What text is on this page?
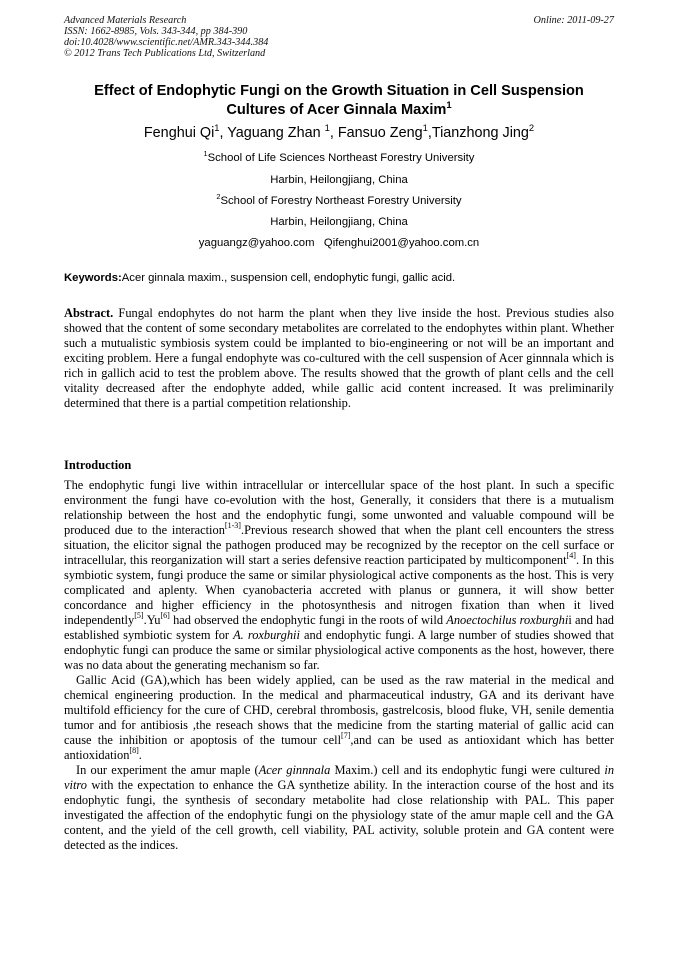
Advanced Materials Research
ISSN: 1662-8985, Vols. 343-344, pp 384-390
doi:10.4028/www.scientific.net/AMR.343-344.384
© 2012 Trans Tech Publications Ltd, Switzerland
Online: 2011-09-27
Effect of Endophytic Fungi on the Growth Situation in Cell Suspension
Cultures of Acer Ginnala Maxim$^1$
Fenghui Qi$^1$, Yaguang Zhan $^1$, Fansuo Zeng$^1$,Tianzhong Jing$^2$
$^1$School of Life Sciences Northeast Forestry University
Harbin, Heilongjiang, China
$^2$School of Forestry Northeast Forestry University
Harbin, Heilongjiang, China
yaguangz@yahoo.com   Qifenghui2001@yahoo.com.cn
Keywords:Acer ginnala maxim., suspension cell, endophytic fungi, gallic acid.

Abstract. Fungal endophytes do not harm the plant when they live inside the host. Previous studies also showed that the content of some secondary metabolites are correlated to the endophytes within plant. Whether such a mutualistic symbiosis system could be implanted to bio-engineering or not will be an important and exciting problem. Here a fungal endophyte was co-cultured with the cell suspension of Acer ginnnala which is rich in gallich acid to test the problem above. The results showed that the growth of plant cells and the cell vitality decreased after the endophyte added, while gallic acid content increased. It was preliminarily determined that there is a partial competition relationship.

Introduction

The endophytic fungi live within intracellular or intercellular space of the host plant. In such a specific environment the fungi have co-evolution with the host, Generally, it considers that there is a mutualism relationship between the host and the endophytic fungi, some unwonted and valuable compound will be produced due to the interaction[1-3].Previous research showed that when the plant cell encounters the stress situation, the elicitor signal the pathogen produced may be recognized by the receptor on the cell surface or intracellular, this reorganization will start a series defensive reaction participated by multicomponent[4]. In this symbiotic system, fungi produce the same or similar physiological active components as the host. This is very complicated and aplenty. When cyanobacteria accreted with planus or gunnera, it will show better concordance and higher efficiency in the photosynthesis and nitrogen fixation than when it lived independently[5].Yu[6] had observed the endophytic fungi in the roots of wild Anoectochilus roxburghii and had established symbiotic system for A. roxburghii and endophytic fungi. A large number of studies showed that endophytic fungi can produce the same or similar physiological active components as the host, however, there was no data about the generating mechanism so far.

Gallic Acid (GA),which has been widely applied, can be used as the raw material in the medical and chemical engineering production. In the medical and pharmaceutical industry, GA and its derivant have multifold efficiency for the cure of CHD, cerebral thrombosis, gastrelcosis, blood fluke, VH, senile dementia tumor and for antibiosis ,the reseach shows that the medicine from the starting material of gallic acid can cause the inhibition or apoptosis of the tumour cell[7],and can be used as antioxidant which has better antioxidation[8].

In our experiment the amur maple (Acer ginnnala Maxim.) cell and its endophytic fungi were cultured in vitro with the expectation to enhance the GA synthetize ability. In the interaction course of the host and its endophytic fungi, the synthesis of secondary metabolite had close relationship with PAL. This paper investigated the affection of the endophytic fungi on the physiology state of the amur maple cell and the GA content, and the yield of the cell growth, cell viability, PAL activity, soluble protein and GA content were detected as the indices.
